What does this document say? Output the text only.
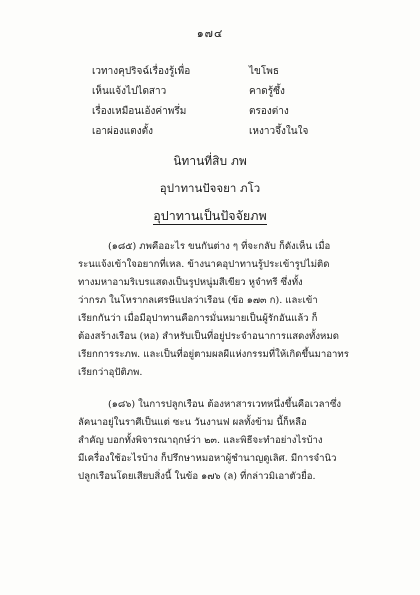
๑๗๔
เวทางคุปริจฉ์เรื่องรู้เพื่อ	ไขโพธ
เห็นแจ้งไปไดสาว	คาดรู้ซึ้ง
เรื่องเหมือนเอ้งค่าพรึ่ม	ตรองต่าง
เอาผ่องแตงตั้ง	เหงาวจึ้งในใจ
นิทานที่สิบ ภพ
อุปาทานปัจจยา ภโว
อุปาทานเป็นปัจจัยภพ
(๑๘๕) ภพคืออะไร ขนกันต่าง ๆ ที่จะกลับ ก็ดังเห็น เมื่อ
ระนแจ้งเข้าใจอยากที่เหล. ข้างนาคอุปาทานรู้ประเข้ารูปไม่ติด
ทางมหาอามริเบรแสดงเป็นรูปหนู่มสีเขียว หูจำทรี ซึ่งทั้ง
ว่ากรภ ในโหรากลเศรษีแปลว่าเรือน (ข้อ ๑๗๓ ก). และเข้า
เรียกกันว่า เมื่อมีอุปาทานคือการมั่นหมายเป็นผู้รักอันแล้ว ก็
ต้องสร้างเรือน (หอ) สำหรับเป็นที่อยู่ประจำอนาการแสดงทั้งหมด
เรียกการระภพ. และเป็นที่อยู่ตามผลผีแห่งกรรมที่ให้เกิดขึ้นมาอาทร
เรียกว่าอุปัติภพ.
(๑๘๖) ในการปลูกเรือน ต้องหาสารเวทหนึ่งขึ้นคือเวลาซึ่ง
ลัคนาอยู่ในราศีเป็นแต่ ซะน วันงานฟ ผลทั้งข้าม นี้ก็หลือ
สำคัญ บอกทั้งพิจารณาฤกษ์ว่า ๒๓. และพิธีจะทำอย่างไรบ้าง
มีเครื่องใช้อะไรบ้าง ก็ปรึกษาหมอหาผู้ชำนาญดูเลิศ. มีการจำนิว
ปลูกเรือนโดยเสียบสิ่งนี้ ในข้อ ๑๗๖ (ล) ที่กล่าวมิเอาตัวยื่อ.
